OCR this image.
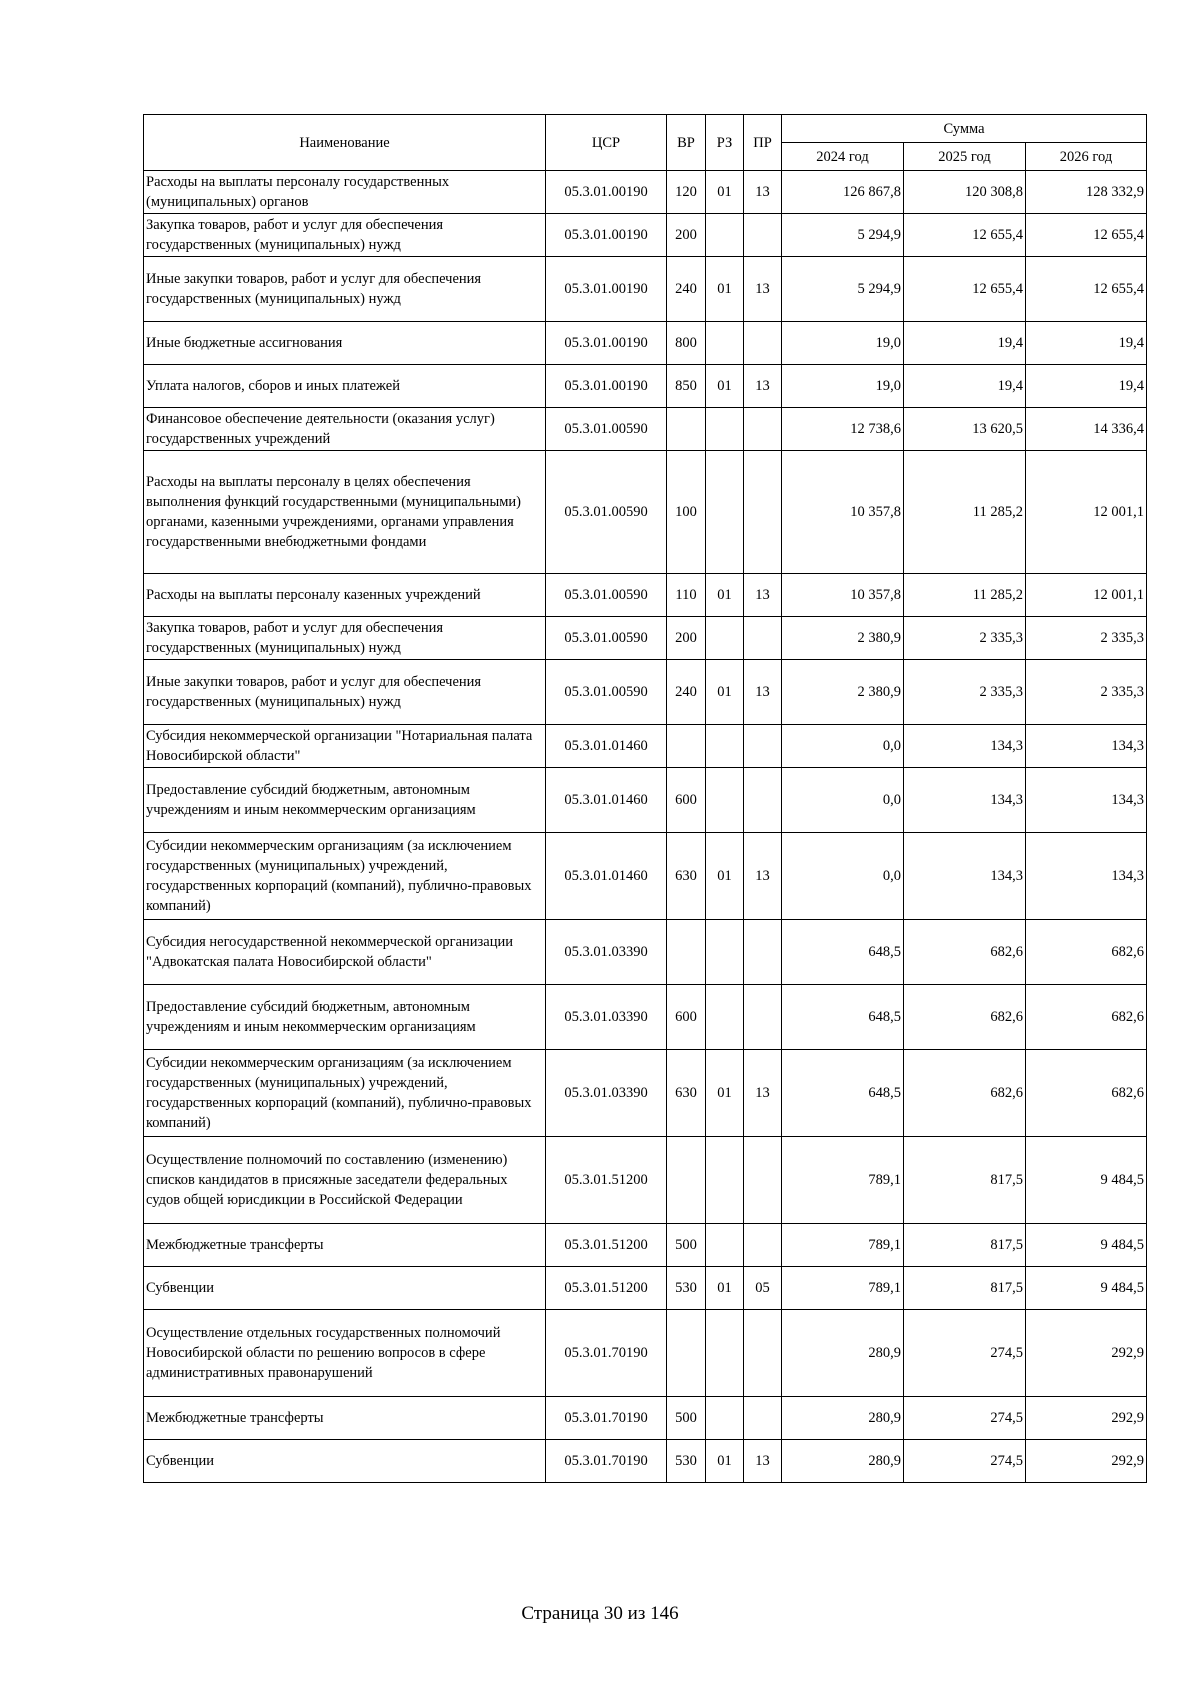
Наименование	ЦСР	ВР	РЗ	ПР	Сумма		
					2024 год	2025 год	2026 год
Расходы на выплаты персоналу государственных (муниципальных) органов	05.3.01.00190	120	01	13	126 867,8	120 308,8	128 332,9
Закупка товаров, работ и услуг для обеспечения государственных (муниципальных) нужд	05.3.01.00190	200			5 294,9	12 655,4	12 655,4
Иные закупки товаров, работ и услуг для обеспечения государственных (муниципальных) нужд	05.3.01.00190	240	01	13	5 294,9	12 655,4	12 655,4
Иные бюджетные ассигнования	05.3.01.00190	800			19,0	19,4	19,4
Уплата налогов, сборов и иных платежей	05.3.01.00190	850	01	13	19,0	19,4	19,4
Финансовое обеспечение деятельности (оказания услуг) государственных учреждений	05.3.01.00590				12 738,6	13 620,5	14 336,4
Расходы на выплаты персоналу в целях обеспечения выполнения функций государственными (муниципальными) органами, казенными учреждениями, органами управления государственными внебюджетными фондами	05.3.01.00590	100			10 357,8	11 285,2	12 001,1
Расходы на выплаты персоналу казенных учреждений	05.3.01.00590	110	01	13	10 357,8	11 285,2	12 001,1
Закупка товаров, работ и услуг для обеспечения государственных (муниципальных) нужд	05.3.01.00590	200			2 380,9	2 335,3	2 335,3
Иные закупки товаров, работ и услуг для обеспечения государственных (муниципальных) нужд	05.3.01.00590	240	01	13	2 380,9	2 335,3	2 335,3
Субсидия некоммерческой организации "Нотариальная палата Новосибирской области"	05.3.01.01460				0,0	134,3	134,3
Предоставление субсидий бюджетным, автономным учреждениям и иным некоммерческим организациям	05.3.01.01460	600			0,0	134,3	134,3
Субсидии некоммерческим организациям (за исключением государственных (муниципальных) учреждений, государственных корпораций (компаний), публично-правовых компаний)	05.3.01.01460	630	01	13	0,0	134,3	134,3
Субсидия негосударственной некоммерческой организации "Адвокатская палата Новосибирской области"	05.3.01.03390				648,5	682,6	682,6
Предоставление субсидий бюджетным, автономным учреждениям и иным некоммерческим организациям	05.3.01.03390	600			648,5	682,6	682,6
Субсидии некоммерческим организациям (за исключением государственных (муниципальных) учреждений, государственных корпораций (компаний), публично-правовых компаний)	05.3.01.03390	630	01	13	648,5	682,6	682,6
Осуществление полномочий по составлению (изменению) списков кандидатов в присяжные заседатели федеральных судов общей юрисдикции в Российской Федерации	05.3.01.51200				789,1	817,5	9 484,5
Межбюджетные трансферты	05.3.01.51200	500			789,1	817,5	9 484,5
Субвенции	05.3.01.51200	530	01	05	789,1	817,5	9 484,5
Осуществление отдельных государственных полномочий Новосибирской области по решению вопросов в сфере административных правонарушений	05.3.01.70190				280,9	274,5	292,9
Межбюджетные трансферты	05.3.01.70190	500			280,9	274,5	292,9
Субвенции	05.3.01.70190	530	01	13	280,9	274,5	292,9
Страница 30 из 146
